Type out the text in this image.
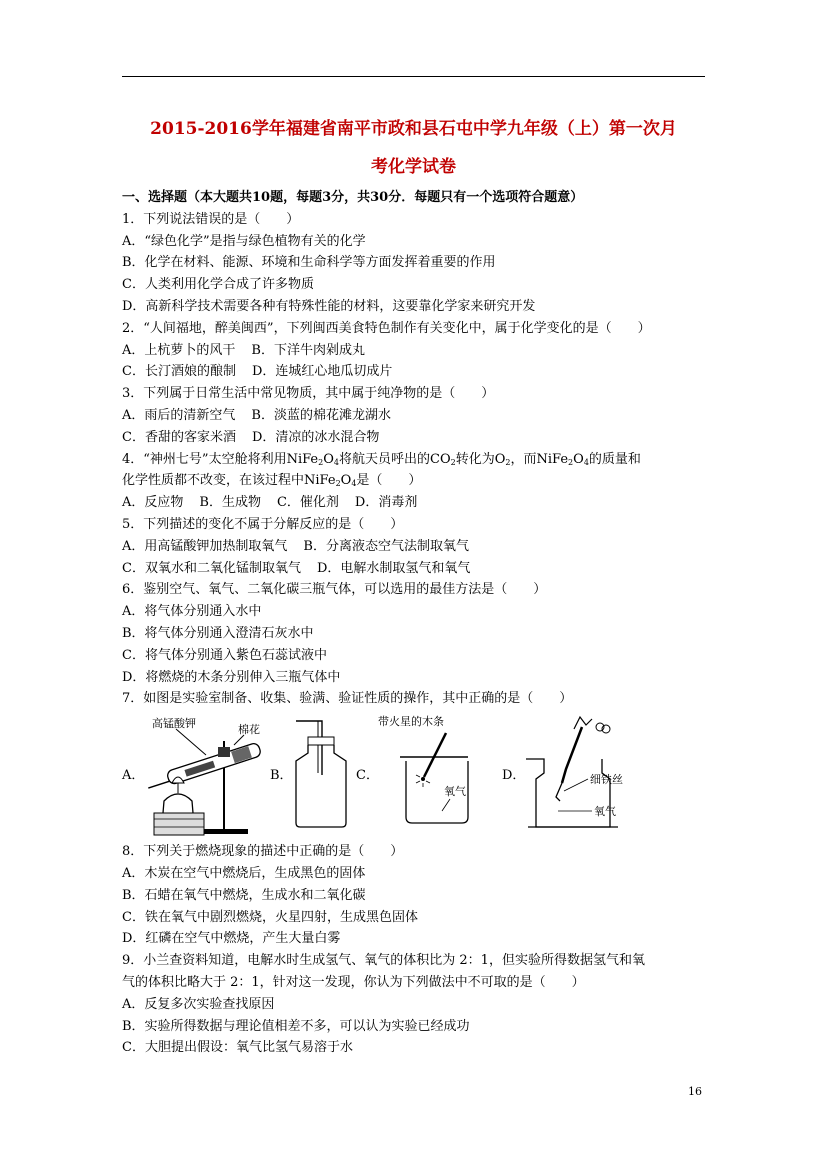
2015-2016学年福建省南平市政和县石屯中学九年级（上）第一次月
考化学试卷
一、选择题（本大题共10题，每题3分，共30分．每题只有一个选项符合题意）
1．下列说法错误的是（　　）
A．“绿色化学”是指与绿色植物有关的化学
B．化学在材料、能源、环境和生命科学等方面发挥着重要的作用
C．人类利用化学合成了许多物质
D．高新科学技术需要各种有特殊性能的材料，这要靠化学家来研究开发
2．“人间福地，醉美闽西”，下列闽西美食特色制作有关变化中，属于化学变化的是（　　）
A．上杭萝卜的风干 B．下洋牛肉剁成丸
C．长汀酒娘的酿制 D．连城红心地瓜切成片
3．下列属于日常生活中常见物质，其中属于纯净物的是（　　）
A．雨后的清新空气 B．淡蓝的棉花滩龙湖水
C．香甜的客家米酒 D．清凉的冰水混合物
4．“神州七号”太空舱将利用$NiFe_2O_4$将航天员呼出的$CO_2$转化为$O_2$，而$NiFe_2O_4$的质量和
化学性质都不改变，在该过程中$NiFe_2O_4$是（　　）
A．反应物 B．生成物 C．催化剂 D．消毒剂
5．下列描述的变化不属于分解反应的是（　　）
A．用高锰酸钾加热制取氧气 B．分离液态空气法制取氧气
C．双氧水和二氧化锰制取氧气 D．电解水制取氢气和氧气
6．鉴别空气、氧气、二氧化碳三瓶气体，可以选用的最佳方法是（　　）
A．将气体分别通入水中
B．将气体分别通入澄清石灰水中
C．将气体分别通入紫色石蕊试液中
D．将燃烧的木条分别伸入三瓶气体中
7．如图是实验室制备、收集、验满、验证性质的操作，其中正确的是（　　）
A．
高锰酸钾	棉花
B．	C．
带火星的木条
氧气
D．	细铁丝
氧气
8．下列关于燃烧现象的描述中正确的是（　　）
A．木炭在空气中燃烧后，生成黑色的固体
B．石蜡在氧气中燃烧，生成水和二氧化碳
C．铁在氧气中剧烈燃烧，火星四射，生成黑色固体
D．红磷在空气中燃烧，产生大量白雾
9．小兰查资料知道，电解水时生成氢气、氧气的体积比为 2：1，但实验所得数据氢气和氧
气的体积比略大于 2：1，针对这一发现，你认为下列做法中不可取的是（　　）
A．反复多次实验查找原因
B．实验所得数据与理论值相差不多，可以认为实验已经成功
C．大胆提出假设：氧气比氢气易溶于水
16
